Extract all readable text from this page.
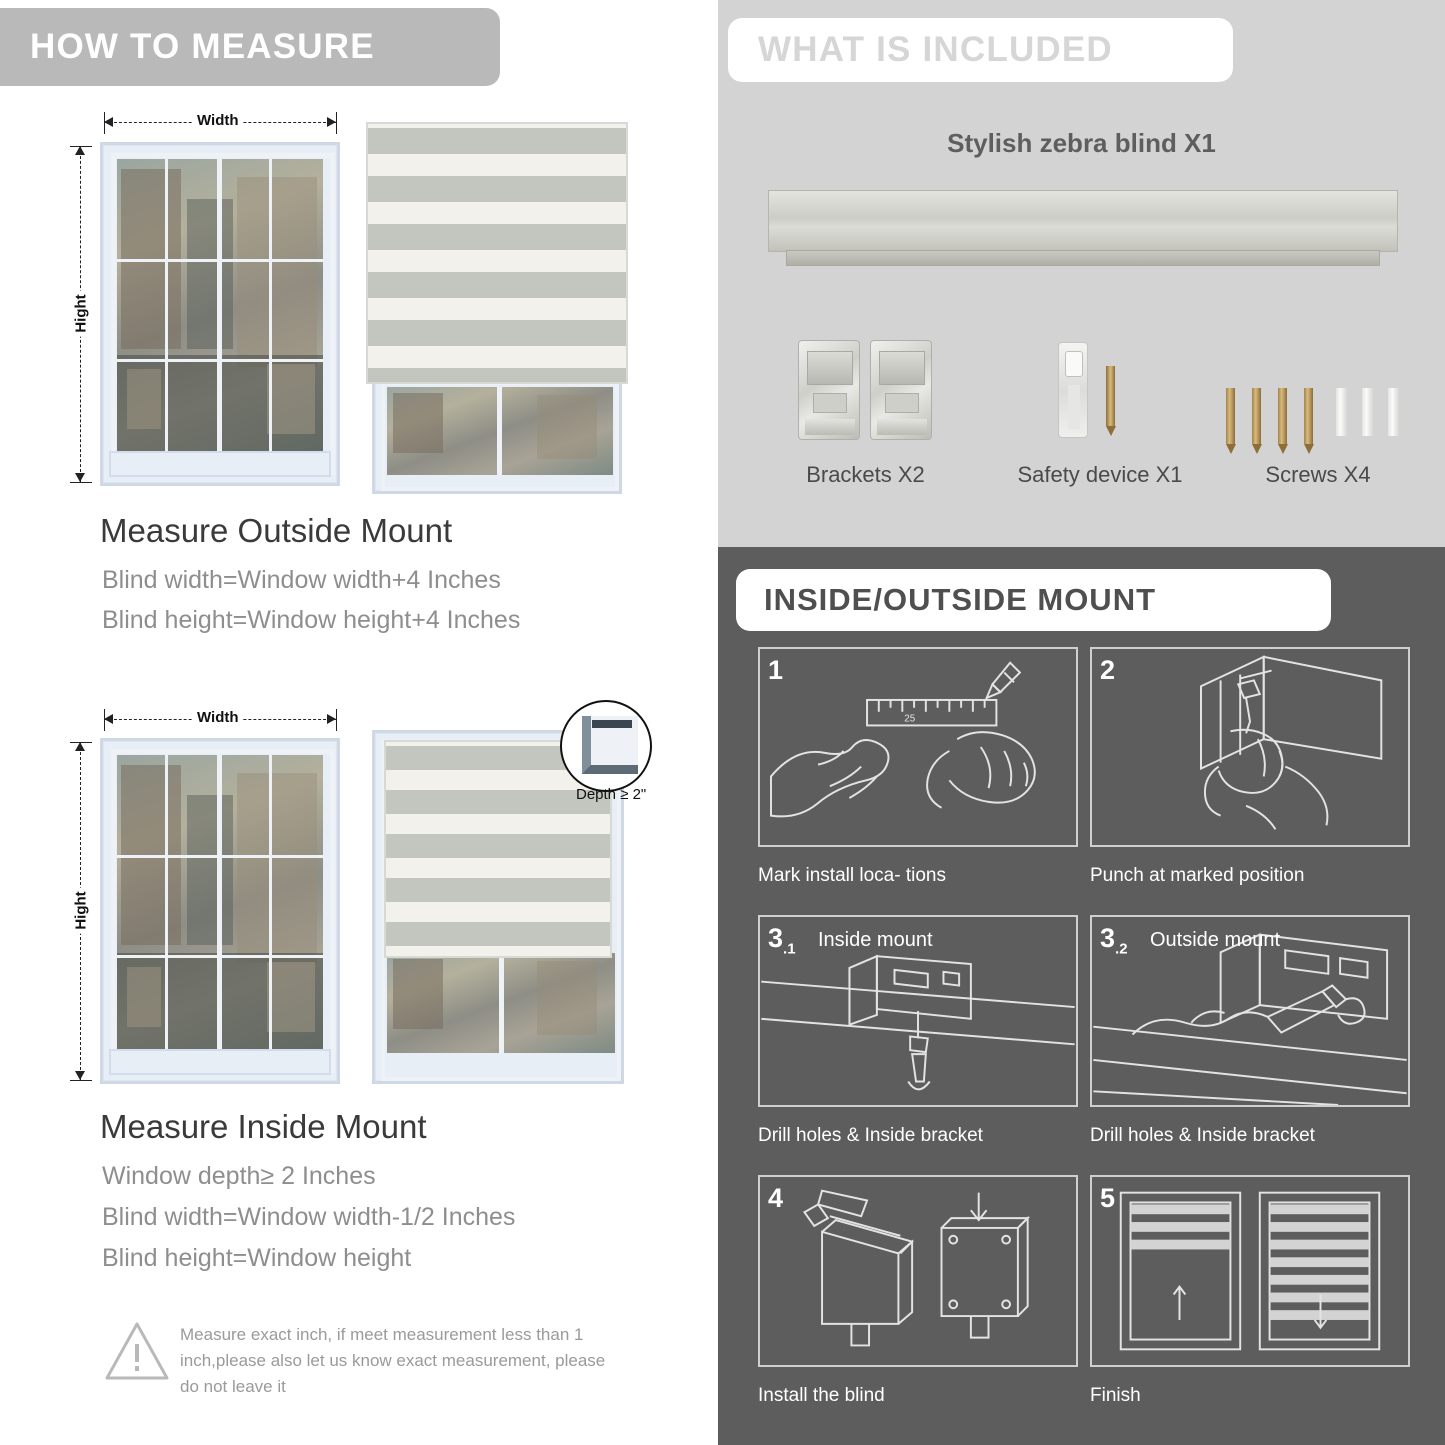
HOW TO MEASURE
Width
Hight
Measure Outside Mount
Blind width=Window width+4 Inches
Blind height=Window height+4 Inches
Width
Hight
Depth ≥ 2"
Measure Inside Mount
Window depth≥ 2 Inches
Blind width=Window width-1/2 Inches
Blind height=Window height
Measure exact inch, if meet measurement less than 1 inch,please also let us know exact measurement, please do not leave it
WHAT IS INCLUDED
Stylish zebra blind X1
Brackets X2	Safety device X1	Screws X4
INSIDE/OUTSIDE MOUNT
25
1
Mark install loca- tions
2
Punch at marked position
$3_{.1}$ Inside mount
Drill holes & Inside bracket
$3_{.2}$ Outside mount
Drill holes & Inside bracket
4
Install the blind
5
Finish
